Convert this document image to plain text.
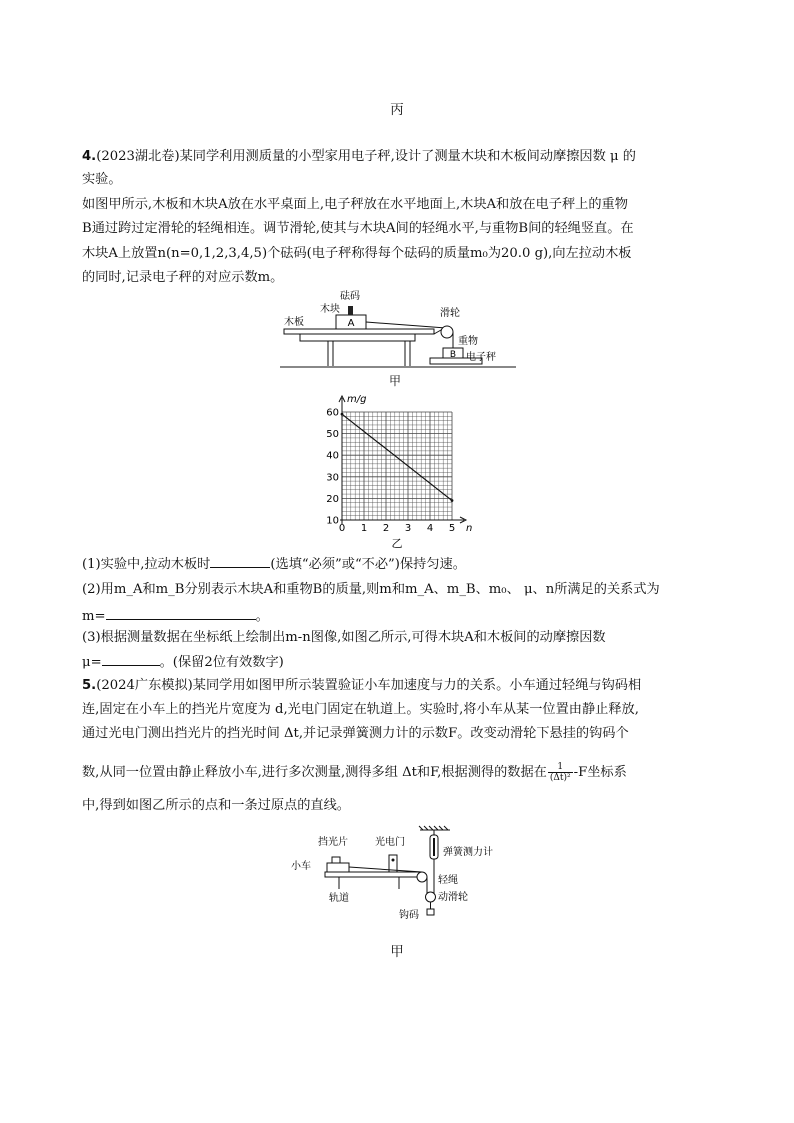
丙
4.(2023湖北卷)某同学利用测质量的小型家用电子秤,设计了测量木块和木板间动摩擦因数 μ 的
实验。
如图甲所示,木板和木块A放在水平桌面上,电子秤放在水平地面上,木块A和放在电子秤上的重物
B通过跨过定滑轮的轻绳相连。调节滑轮,使其与木块A间的轻绳水平,与重物B间的轻绳竖直。在
木块A上放置n(n=0,1,2,3,4,5)个砝码(电子秤称得每个砝码的质量m₀为20.0 g),向左拉动木板
的同时,记录电子秤的对应示数m。
A
B
砝码
木块
木板
滑轮
重物
电子秤
甲
0 1 2 3 4 5
10
20
30
40
50
60
m/g
n
乙
(1)实验中,拉动木板时	(选填“必须”或“不必”)保持匀速。
(2)用m_A和m_B分别表示木块A和重物B的质量,则m和m_A、m_B、m₀、 μ、n所满足的关系式为
m=	。
(3)根据测量数据在坐标纸上绘制出m-n图像,如图乙所示,可得木块A和木板间的动摩擦因数
μ=	。(保留2位有效数字)
5.(2024广东模拟)某同学用如图甲所示装置验证小车加速度与力的关系。小车通过轻绳与钩码相
连,固定在小车上的挡光片宽度为 d,光电门固定在轨道上。实验时,将小车从某一位置由静止释放,
通过光电门测出挡光片的挡光时间 Δt,并记录弹簧测力计的示数F。改变动滑轮下悬挂的钩码个
数,从同一位置由静止释放小车,进行多次测量,测得多组 Δt和F,根据测得的数据在 $\frac{1}{\text{(Δt)²}} -F$坐标系
中,得到如图乙所示的点和一条过原点的直线。
挡光片	光电门
小车
轨道
弹簧测力计
轻绳
动滑轮
钩码
甲
